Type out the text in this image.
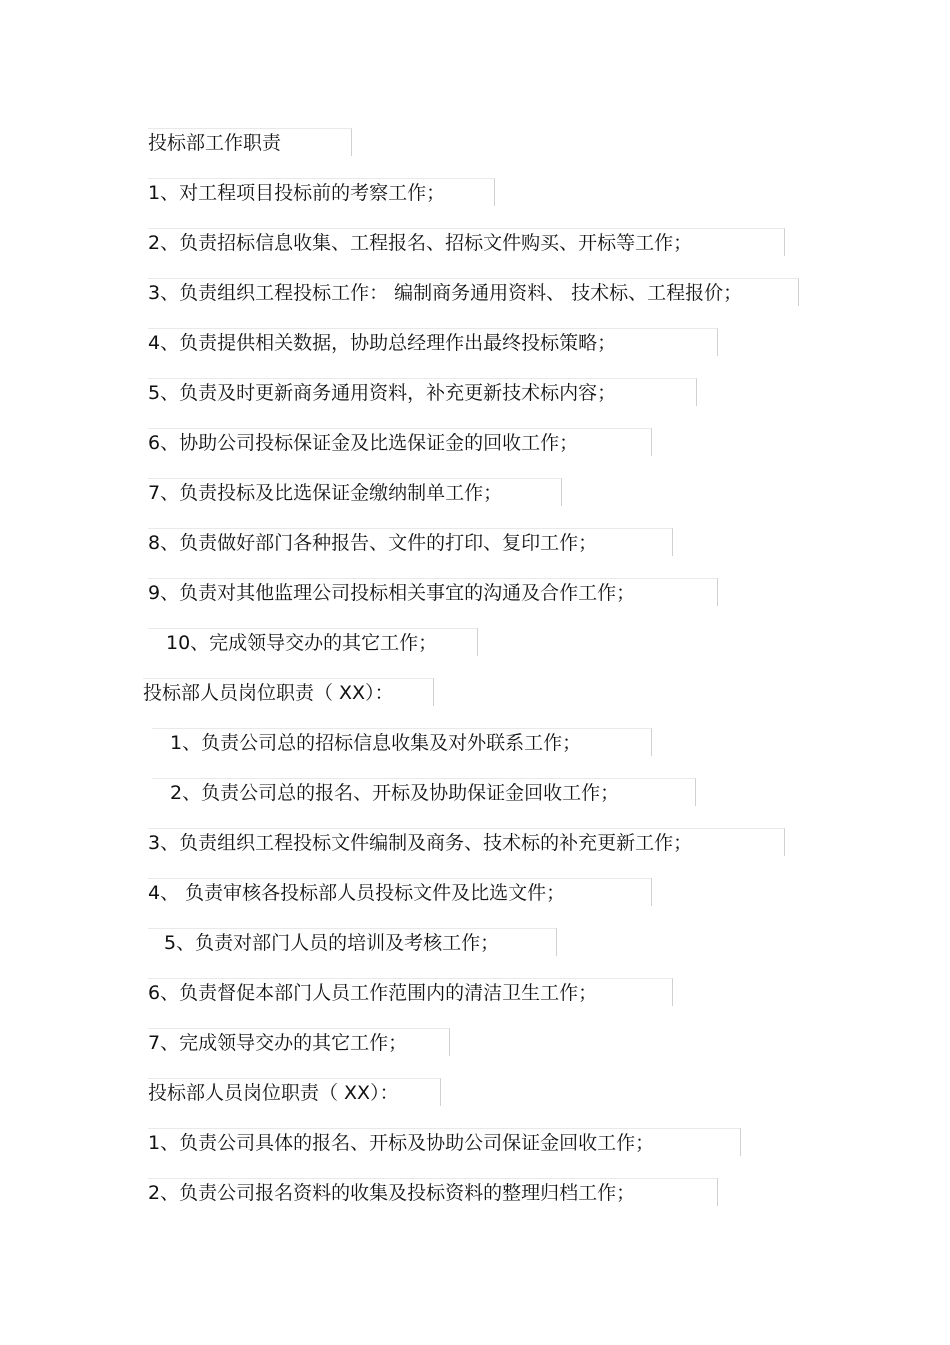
投标部工作职责
1、对工程项目投标前的考察工作；
2、负责招标信息收集、工程报名、招标文件购买、开标等工作；
3、负责组织工程投标工作： 编制商务通用资料、 技术标、工程报价；
4、负责提供相关数据，协助总经理作出最终投标策略；
5、负责及时更新商务通用资料，补充更新技术标内容；
6、协助公司投标保证金及比选保证金的回收工作；
7、负责投标及比选保证金缴纳制单工作；
8、负责做好部门各种报告、文件的打印、复印工作；
9、负责对其他监理公司投标相关事宜的沟通及合作工作；
10、完成领导交办的其它工作；
投标部人员岗位职责（ XX）：
1、负责公司总的招标信息收集及对外联系工作；
2、负责公司总的报名、开标及协助保证金回收工作；
3、负责组织工程投标文件编制及商务、技术标的补充更新工作；
4、 负责审核各投标部人员投标文件及比选文件；
5、负责对部门人员的培训及考核工作；
6、负责督促本部门人员工作范围内的清洁卫生工作；
7、完成领导交办的其它工作；
投标部人员岗位职责（ XX）：
1、负责公司具体的报名、开标及协助公司保证金回收工作；
2、负责公司报名资料的收集及投标资料的整理归档工作；
